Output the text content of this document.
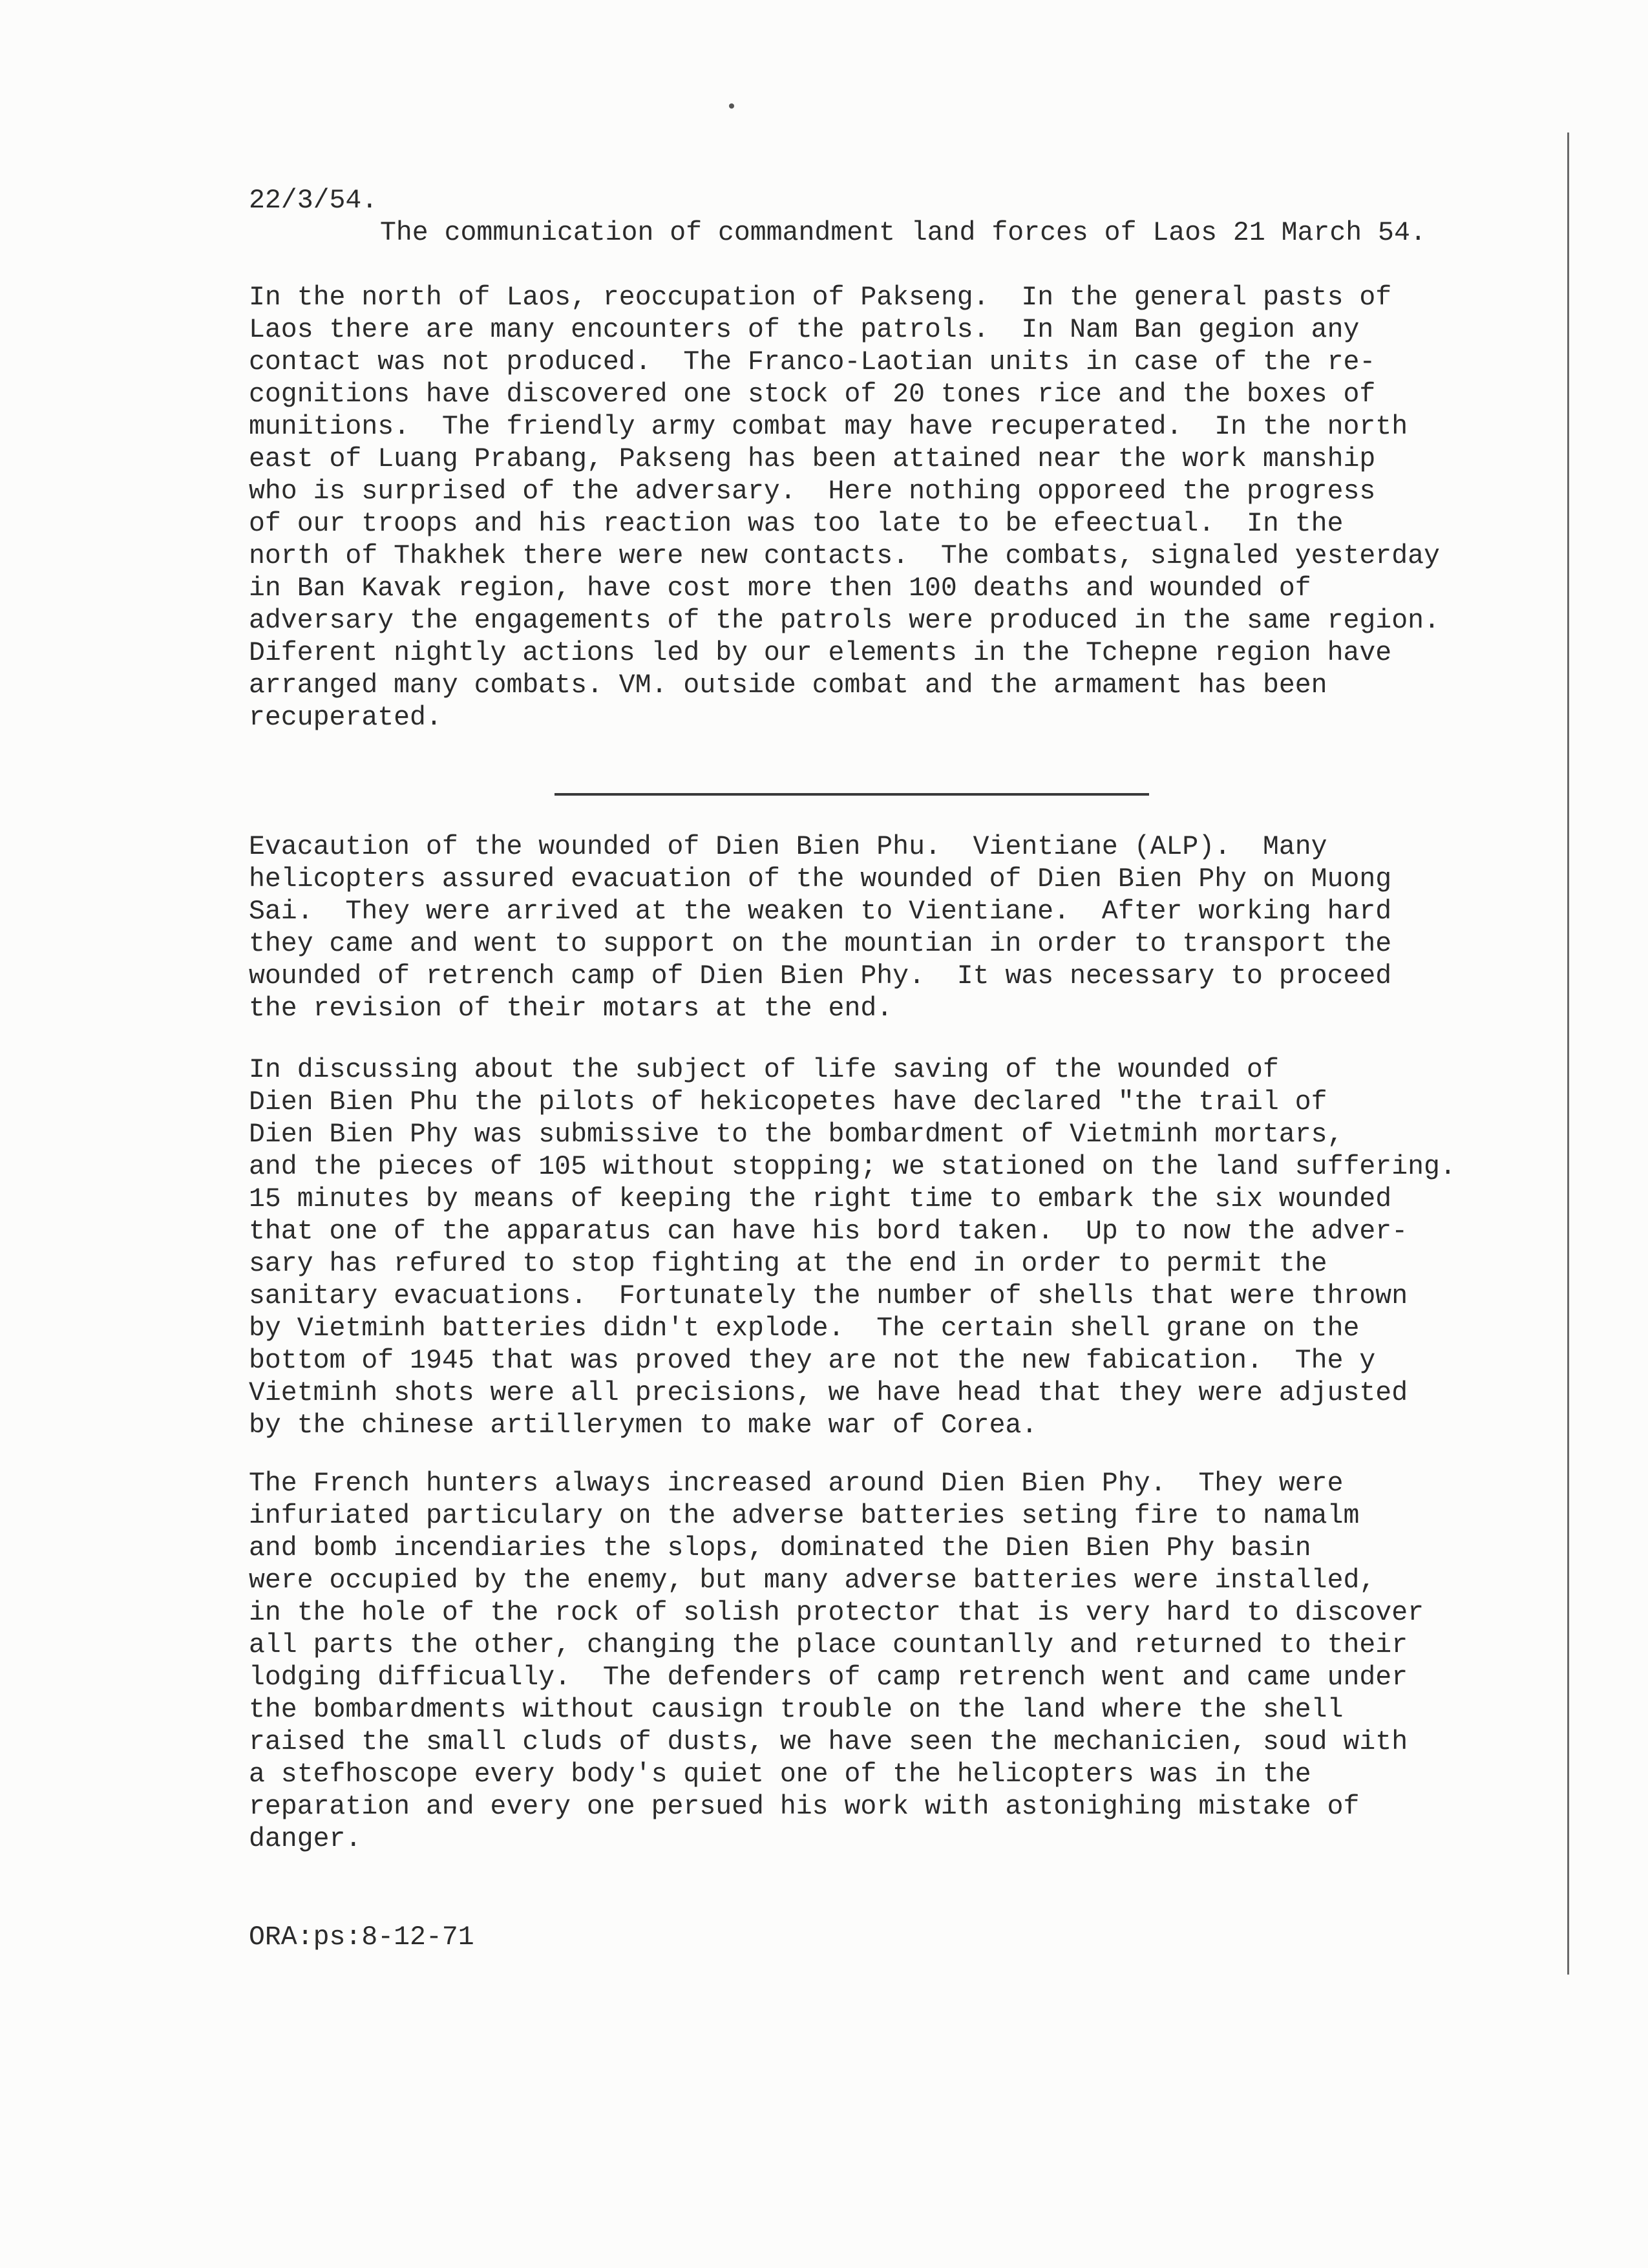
22/3/54.
The communication of commandment land forces of Laos 21 March 54.
In the north of Laos, reoccupation of Pakseng.  In the general pasts of
Laos there are many encounters of the patrols.  In Nam Ban gegion any
contact was not produced.  The Franco-Laotian units in case of the re-
cognitions have discovered one stock of 20 tones rice and the boxes of
munitions.  The friendly army combat may have recuperated.  In the north
east of Luang Prabang, Pakseng has been attained near the work manship
who is surprised of the adversary.  Here nothing opporeed the progress
of our troops and his reaction was too late to be efeectual.  In the
north of Thakhek there were new contacts.  The combats, signaled yesterday
in Ban Kavak region, have cost more then 100 deaths and wounded of
adversary the engagements of the patrols were produced in the same region.
Diferent nightly actions led by our elements in the Tchepne region have
arranged many combats. VM. outside combat and the armament has been
recuperated.
Evacaution of the wounded of Dien Bien Phu.  Vientiane (ALP).  Many
helicopters assured evacuation of the wounded of Dien Bien Phy on Muong
Sai.  They were arrived at the weaken to Vientiane.  After working hard
they came and went to support on the mountian in order to transport the
wounded of retrench camp of Dien Bien Phy.  It was necessary to proceed
the revision of their motars at the end.
In discussing about the subject of life saving of the wounded of
Dien Bien Phu the pilots of hekicopetes have declared "the trail of
Dien Bien Phy was submissive to the bombardment of Vietminh mortars,
and the pieces of 105 without stopping; we stationed on the land suffering.
15 minutes by means of keeping the right time to embark the six wounded
that one of the apparatus can have his bord taken.  Up to now the adver-
sary has refured to stop fighting at the end in order to permit the
sanitary evacuations.  Fortunately the number of shells that were thrown
by Vietminh batteries didn't explode.  The certain shell grane on the
bottom of 1945 that was proved they are not the new fabication.  The y
Vietminh shots were all precisions, we have head that they were adjusted
by the chinese artillerymen to make war of Corea.
The French hunters always increased around Dien Bien Phy.  They were
infuriated particulary on the adverse batteries seting fire to namalm
and bomb incendiaries the slops, dominated the Dien Bien Phy basin
were occupied by the enemy, but many adverse batteries were installed,
in the hole of the rock of solish protector that is very hard to discover
all parts the other, changing the place countanlly and returned to their
lodging difficually.  The defenders of camp retrench went and came under
the bombardments without causign trouble on the land where the shell
raised the small cluds of dusts, we have seen the mechanicien, soud with
a stefhoscope every body's quiet one of the helicopters was in the
reparation and every one persued his work with astonighing mistake of
danger.
ORA:ps:8-12-71
